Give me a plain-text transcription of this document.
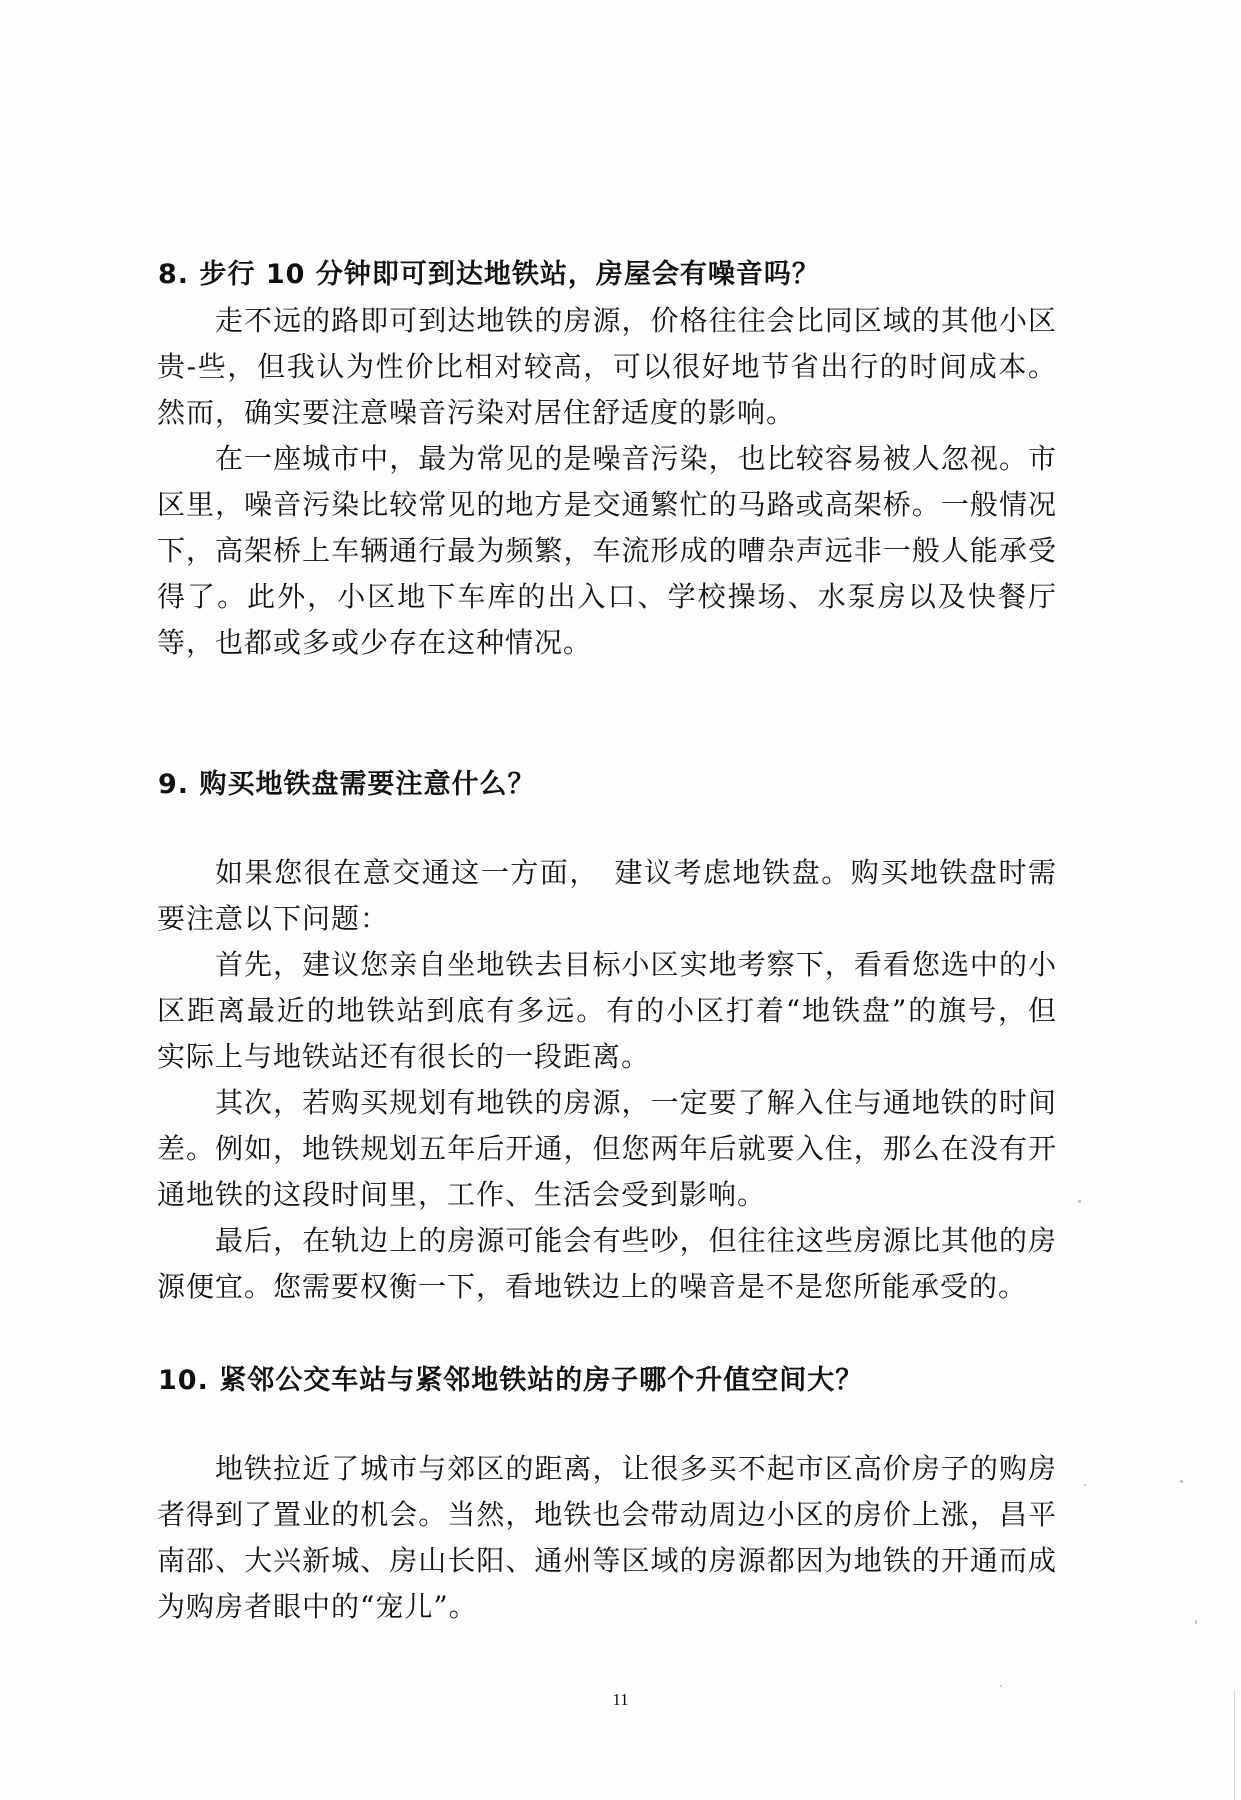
8. 步行 10 分钟即可到达地铁站，房屋会有噪音吗？
走不远的路即可到达地铁的房源，价格往往会比同区域的其他小区贵-些，但我认为性价比相对较高，可以很好地节省出行的时间成本。然而，确实要注意噪音污染对居住舒适度的影响。
在一座城市中，最为常见的是噪音污染，也比较容易被人忽视。市区里，噪音污染比较常见的地方是交通繁忙的马路或高架桥。一般情况下，高架桥上车辆通行最为频繁，车流形成的嘈杂声远非一般人能承受得了。此外，小区地下车库的出入口、学校操场、水泵房以及快餐厅等，也都或多或少存在这种情况。
9. 购买地铁盘需要注意什么？
如果您很在意交通这一方面，　建议考虑地铁盘。购买地铁盘时需要注意以下问题：
首先，建议您亲自坐地铁去目标小区实地考察下，看看您选中的小区距离最近的地铁站到底有多远。有的小区打着“地铁盘”的旗号，但实际上与地铁站还有很长的一段距离。
其次，若购买规划有地铁的房源，一定要了解入住与通地铁的时间差。例如，地铁规划五年后开通，但您两年后就要入住，那么在没有开通地铁的这段时间里，工作、生活会受到影响。
最后，在轨边上的房源可能会有些吵，但往往这些房源比其他的房源便宜。您需要权衡一下，看地铁边上的噪音是不是您所能承受的。
10. 紧邻公交车站与紧邻地铁站的房子哪个升值空间大？
地铁拉近了城市与郊区的距离，让很多买不起市区高价房子的购房者得到了置业的机会。当然，地铁也会带动周边小区的房价上涨，昌平南邵、大兴新城、房山长阳、通州等区域的房源都因为地铁的开通而成为购房者眼中的“宠儿”。
11
